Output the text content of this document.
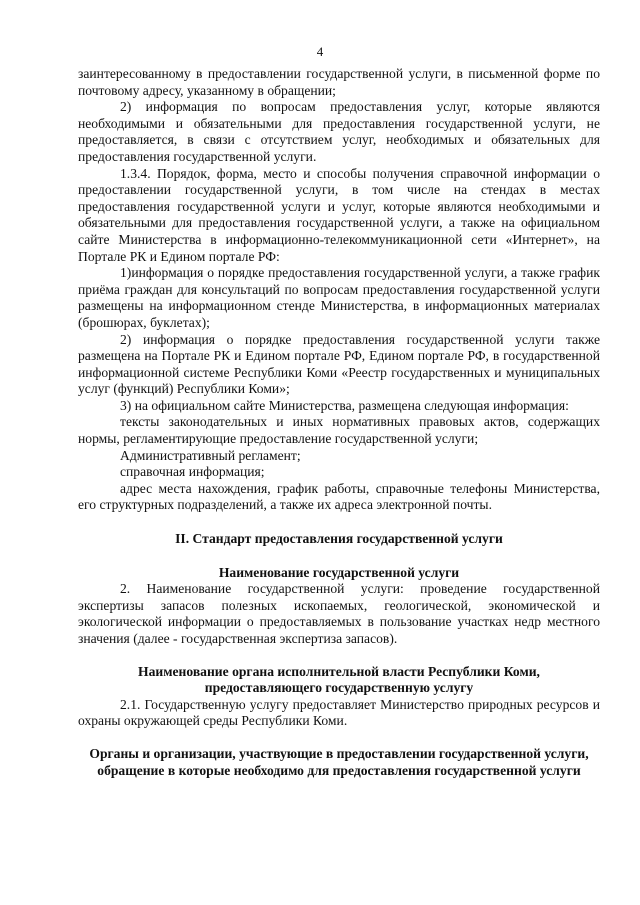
4

заинтересованному в предоставлении государственной услуги, в письменной форме по почтовому адресу, указанному в обращении;

2) информация по вопросам предоставления услуг, которые являются необходимыми и обязательными для предоставления государственной услуги, не предоставляется, в связи с отсутствием услуг, необходимых и обязательных для предоставления государственной услуги.

1.3.4. Порядок, форма, место и способы получения справочной информации о предоставлении государственной услуги, в том числе на стендах в местах предоставления государственной услуги и услуг, которые являются необходимыми и обязательными для предоставления государственной услуги, а также на официальном сайте Министерства в информационно-телекоммуникационной сети «Интернет», на Портале РК и Едином портале РФ:

1)информация о порядке предоставления государственной услуги, а также график приёма граждан для консультаций по вопросам предоставления государственной услуги размещены на информационном стенде Министерства, в информационных материалах (брошюрах, буклетах);

2) информация о порядке предоставления государственной услуги также размещена на Портале РК и Едином портале РФ, Едином портале РФ, в государственной информационной системе Республики Коми «Реестр государственных и муниципальных услуг (функций) Республики Коми»;

3) на официальном сайте Министерства, размещена следующая информация:

тексты законодательных и иных нормативных правовых актов, содержащих нормы, регламентирующие предоставление государственной услуги;

Административный регламент;

справочная информация;

адрес места нахождения, график работы, справочные телефоны Министерства, его структурных подразделений, а также их адреса электронной почты.

II. Стандарт предоставления государственной услуги
Наименование государственной услуги

2. Наименование государственной услуги: проведение государственной экспертизы запасов полезных ископаемых, геологической, экономической и экологической информации о предоставляемых в пользование участках недр местного значения (далее - государственная экспертиза запасов).

Наименование органа исполнительной власти Республики Коми, предоставляющего государственную услугу

2.1. Государственную услугу предоставляет Министерство природных ресурсов и охраны окружающей среды Республики Коми.

Органы и организации, участвующие в предоставлении государственной услуги, обращение в которые необходимо для предоставления государственной услуги
